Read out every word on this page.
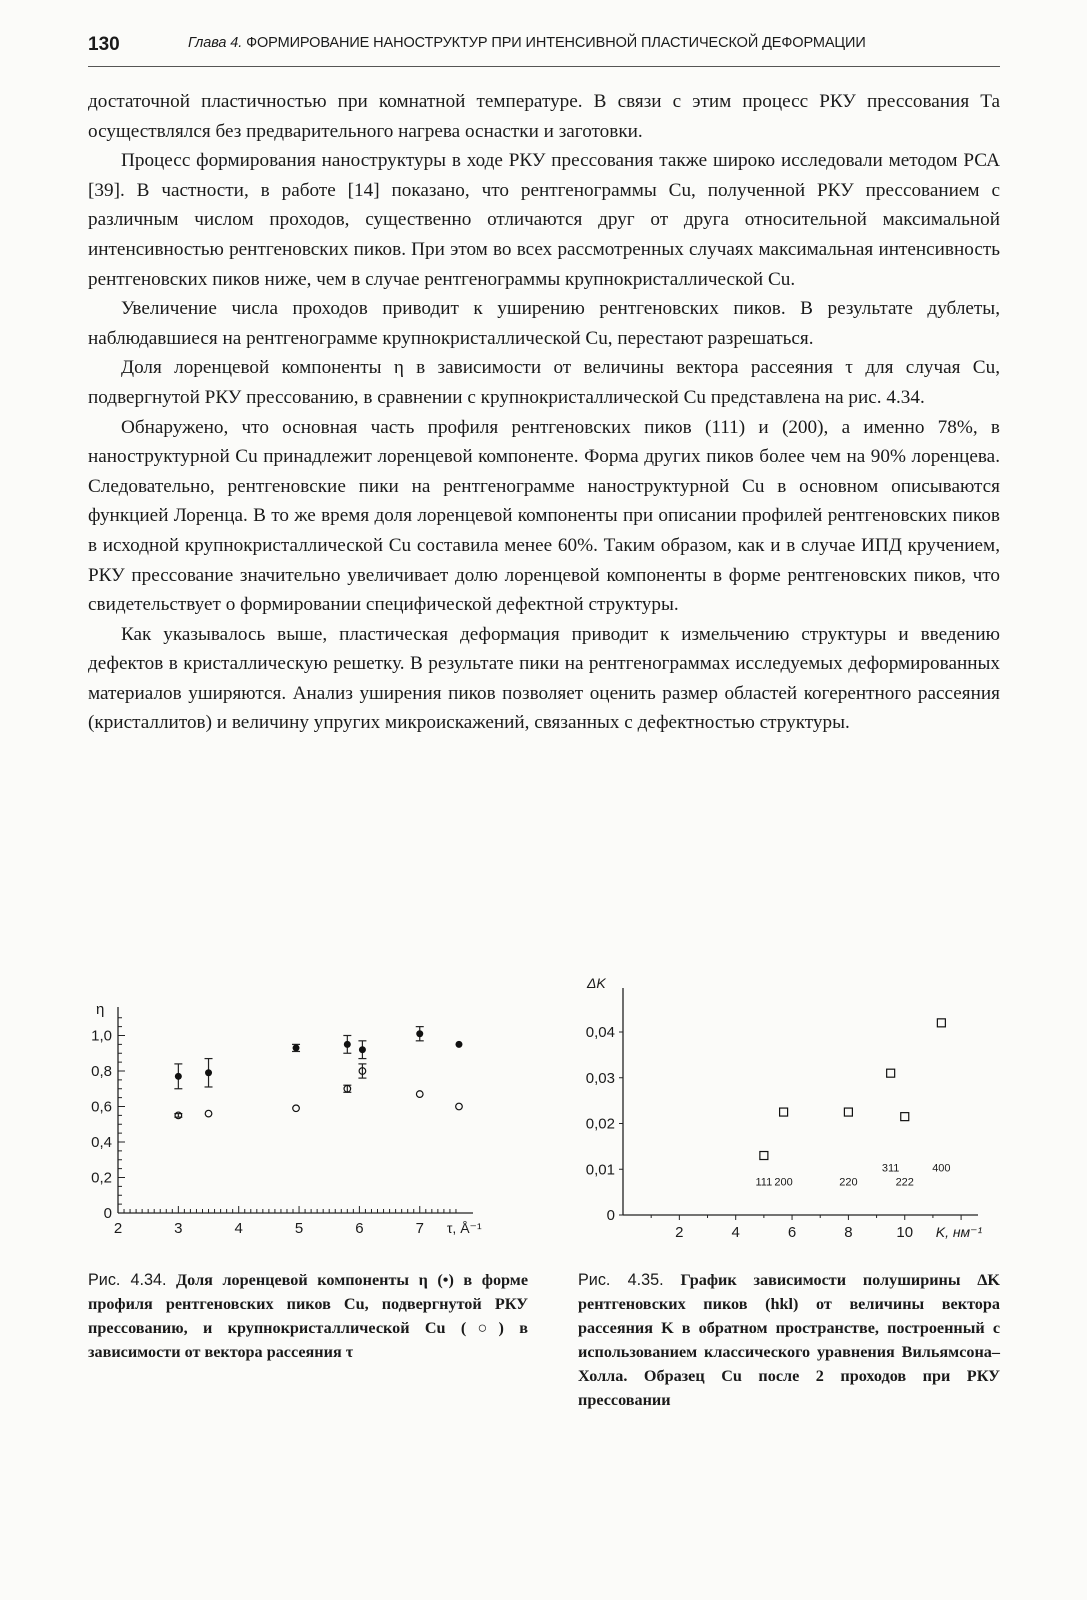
130	Глава 4. ФОРМИРОВАНИЕ НАНОСТРУКТУР ПРИ ИНТЕНСИВНОЙ ПЛАСТИЧЕСКОЙ ДЕФОРМАЦИИ

достаточной пластичностью при комнатной температуре. В связи с этим процесс РКУ прессования Та осуществлялся без предварительного нагрева оснастки и заготовки.

Процесс формирования наноструктуры в ходе РКУ прессования также широко исследовали методом РСА [39]. В частности, в работе [14] показано, что рентгенограммы Cu, полученной РКУ прессованием с различным числом проходов, существенно отличаются друг от друга относительной максимальной интенсивностью рентгеновских пиков. При этом во всех рассмотренных случаях максимальная интенсивность рентгеновских пиков ниже, чем в случае рентгенограммы крупнокристаллической Cu.

Увеличение числа проходов приводит к уширению рентгеновских пиков. В результате дублеты, наблюдавшиеся на рентгенограмме крупнокристаллической Cu, перестают разрешаться.

Доля лоренцевой компоненты η в зависимости от величины вектора рассеяния τ для случая Cu, подвергнутой РКУ прессованию, в сравнении с крупнокристаллической Cu представлена на рис. 4.34.

Обнаружено, что основная часть профиля рентгеновских пиков (111) и (200), а именно 78%, в наноструктурной Cu принадлежит лоренцевой компоненте. Форма других пиков более чем на 90% лоренцева. Следовательно, рентгеновские пики на рентгенограмме наноструктурной Cu в основном описываются функцией Лоренца. В то же время доля лоренцевой компоненты при описании профилей рентгеновских пиков в исходной крупнокристаллической Cu составила менее 60%. Таким образом, как и в случае ИПД кручением, РКУ прессование значительно увеличивает долю лоренцевой компоненты в форме рентгеновских пиков, что свидетельствует о формировании специфической дефектной структуры.

Как указывалось выше, пластическая деформация приводит к измельчению структуры и введению дефектов в кристаллическую решетку. В результате пики на рентгенограммах исследуемых деформированных материалов уширяются. Анализ уширения пиков позволяет оценить размер областей когерентного рассеяния (кристаллитов) и величину упругих микроискажений, связанных с дефектностью структуры.

2	3	4	5	6	7
0
0,2
0,4
0,6
0,8
1,0
η
τ, Å⁻¹
0
0,01
0,02
0,03
0,04
2	4	6	8	10
ΔK
K, нм⁻¹
111 200	220
311
222
400
Рис. 4.34. Доля лоренцевой компоненты η (•) в форме профиля рентгеновских пиков Cu, подвергнутой РКУ прессованию, и крупнокристаллической Cu (○) в зависимости от вектора рассеяния τ
Рис. 4.35. График зависимости полуширины ΔK рентгеновских пиков (hkl) от величины вектора рассеяния K в обратном пространстве, построенный с использованием классического уравнения Вильямсона–Холла. Образец Cu после 2 проходов при РКУ прессовании
